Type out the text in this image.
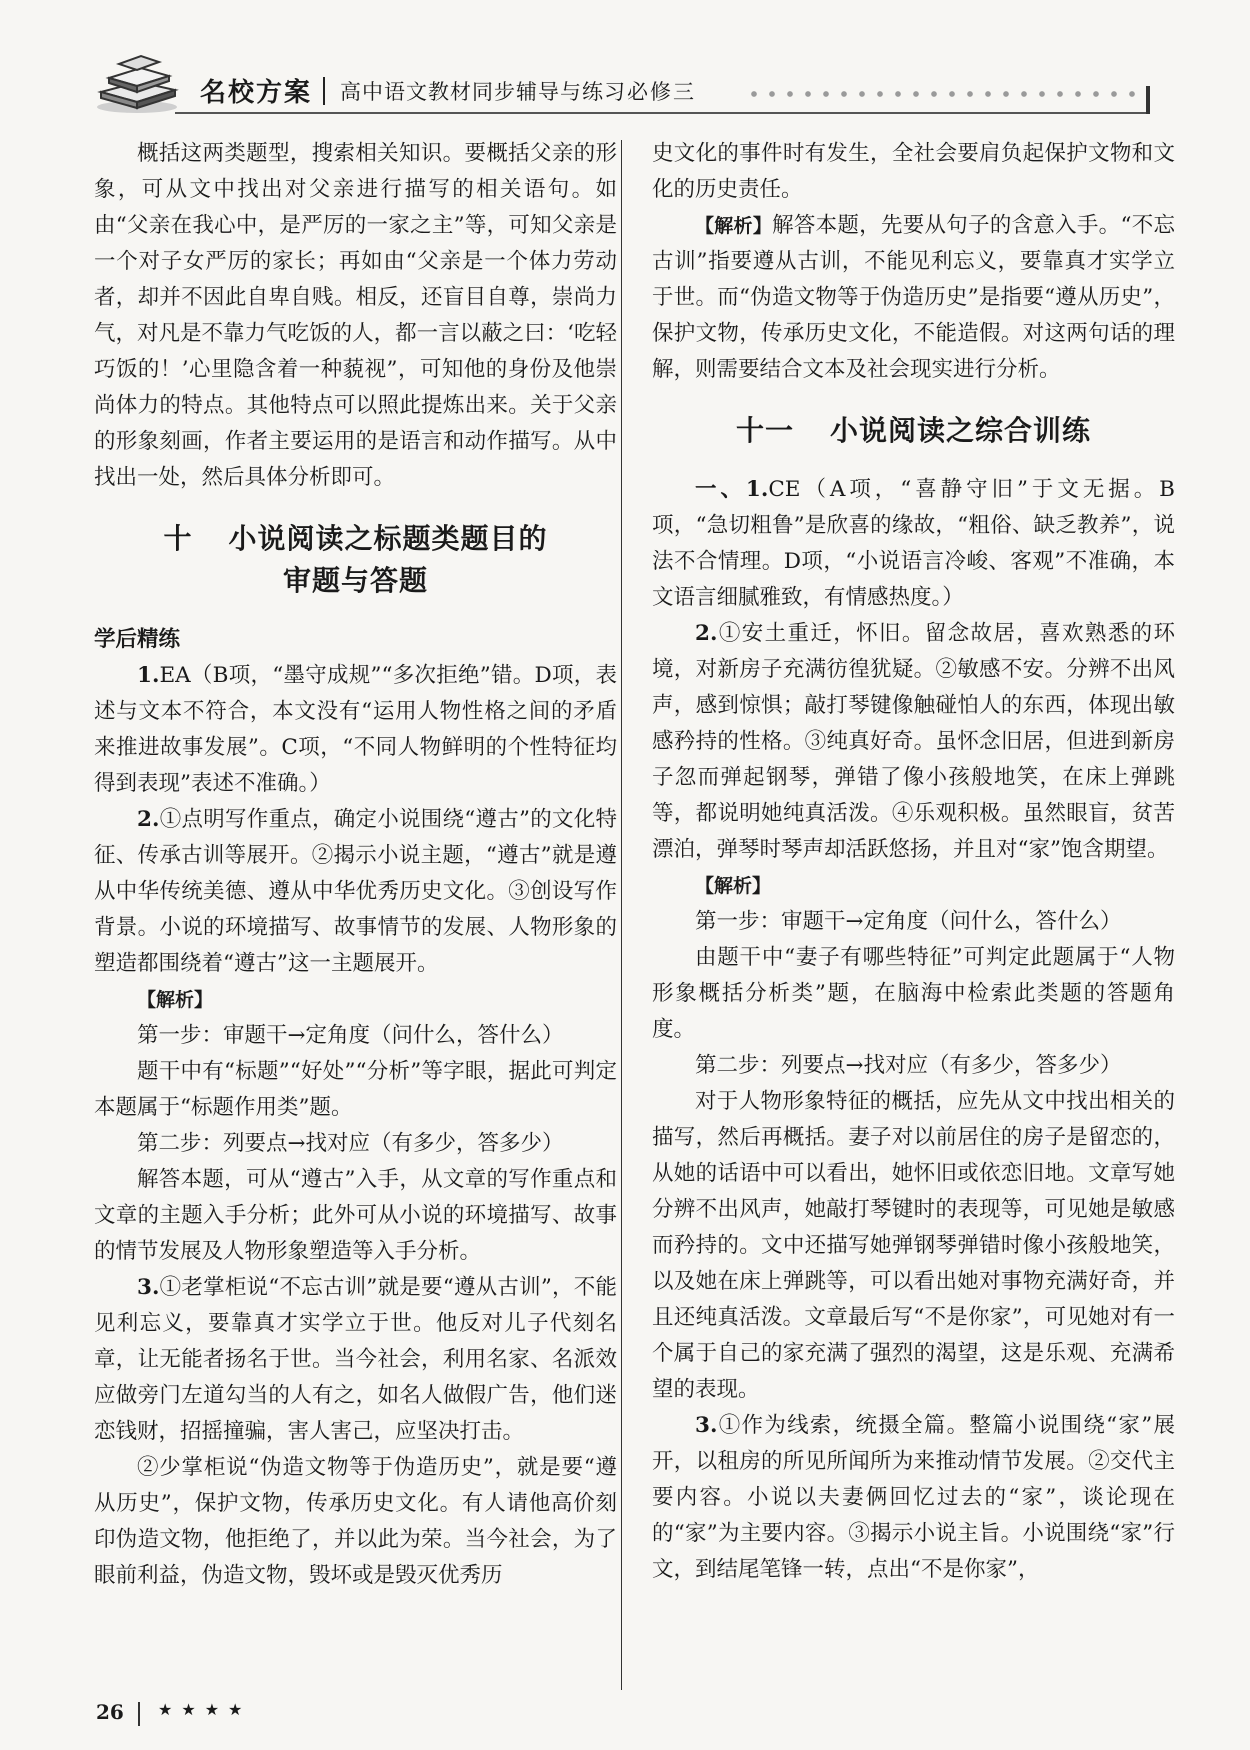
名校方案 高中语文教材同步辅导与练习 必修三

概括这两类题型，搜索相关知识。要概括父亲的形象，可从文中找出对父亲进行描写的相关语句。如由“父亲在我心中，是严厉的一家之主”等，可知父亲是一个对子女严厉的家长；再如由“父亲是一个体力劳动者，却并不因此自卑自贱。相反，还盲目自尊，崇尚力气，对凡是不靠力气吃饭的人，都一言以蔽之曰：‘吃轻巧饭的！’心里隐含着一种藐视”，可知他的身份及他崇尚体力的特点。其他特点可以照此提炼出来。关于父亲的形象刻画，作者主要运用的是语言和动作描写。从中找出一处，然后具体分析即可。

十 小说阅读之标题类题目的
审题与答题

学后精练

1.EA（B项，“墨守成规”“多次拒绝”错。D项，表述与文本不符合，本文没有“运用人物性格之间的矛盾来推进故事发展”。C项，“不同人物鲜明的个性特征均得到表现”表述不准确。）

2.①点明写作重点，确定小说围绕“遵古”的文化特征、传承古训等展开。②揭示小说主题，“遵古”就是遵从中华传统美德、遵从中华优秀历史文化。③创设写作背景。小说的环境描写、故事情节的发展、人物形象的塑造都围绕着“遵古”这一主题展开。

【解析】

第一步：审题干→定角度（问什么，答什么）

题干中有“标题”“好处”“分析”等字眼，据此可判定本题属于“标题作用类”题。

第二步：列要点→找对应（有多少，答多少）

解答本题，可从“遵古”入手，从文章的写作重点和文章的主题入手分析；此外可从小说的环境描写、故事的情节发展及人物形象塑造等入手分析。

3.①老掌柜说“不忘古训”就是要“遵从古训”，不能见利忘义，要靠真才实学立于世。他反对儿子代刻名章，让无能者扬名于世。当今社会，利用名家、名派效应做旁门左道勾当的人有之，如名人做假广告，他们迷恋钱财，招摇撞骗，害人害己，应坚决打击。

②少掌柜说“伪造文物等于伪造历史”，就是要“遵从历史”，保护文物，传承历史文化。有人请他高价刻印伪造文物，他拒绝了，并以此为荣。当今社会，为了眼前利益，伪造文物，毁坏或是毁灭优秀历

史文化的事件时有发生，全社会要肩负起保护文物和文化的历史责任。

【解析】解答本题，先要从句子的含意入手。“不忘古训”指要遵从古训，不能见利忘义，要靠真才实学立于世。而“伪造文物等于伪造历史”是指要“遵从历史”，保护文物，传承历史文化，不能造假。对这两句话的理解，则需要结合文本及社会现实进行分析。

十一 小说阅读之综合训练

一、1.CE（A项，“喜静守旧”于文无据。B项，“急切粗鲁”是欣喜的缘故，“粗俗、缺乏教养”，说法不合情理。D项，“小说语言冷峻、客观”不准确，本文语言细腻雅致，有情感热度。）

2.①安土重迁，怀旧。留念故居，喜欢熟悉的环境，对新房子充满彷徨犹疑。②敏感不安。分辨不出风声，感到惊惧；敲打琴键像触碰怕人的东西，体现出敏感矜持的性格。③纯真好奇。虽怀念旧居，但进到新房子忽而弹起钢琴，弹错了像小孩般地笑，在床上弹跳等，都说明她纯真活泼。④乐观积极。虽然眼盲，贫苦漂泊，弹琴时琴声却活跃悠扬，并且对“家”饱含期望。

【解析】

第一步：审题干→定角度（问什么，答什么）

由题干中“妻子有哪些特征”可判定此题属于“人物形象概括分析类”题，在脑海中检索此类题的答题角度。

第二步：列要点→找对应（有多少，答多少）

对于人物形象特征的概括，应先从文中找出相关的描写，然后再概括。妻子对以前居住的房子是留恋的，从她的话语中可以看出，她怀旧或依恋旧地。文章写她分辨不出风声，她敲打琴键时的表现等，可见她是敏感而矜持的。文中还描写她弹钢琴弹错时像小孩般地笑，以及她在床上弹跳等，可以看出她对事物充满好奇，并且还纯真活泼。文章最后写“不是你家”，可见她对有一个属于自己的家充满了强烈的渴望，这是乐观、充满希望的表现。

3.①作为线索，统摄全篇。整篇小说围绕“家”展开，以租房的所见所闻所为来推动情节发展。②交代主要内容。小说以夫妻俩回忆过去的“家”，谈论现在的“家”为主要内容。③揭示小说主旨。小说围绕“家”行文，到结尾笔锋一转，点出“不是你家”，

26 ★★★★
